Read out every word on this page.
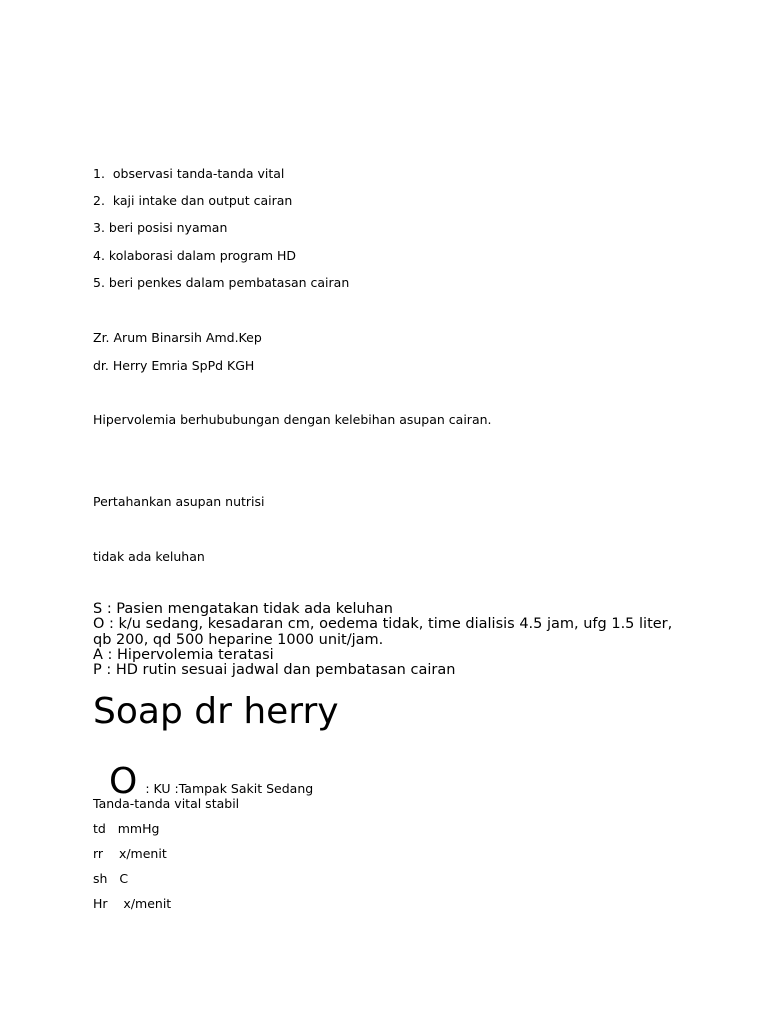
1.  observasi tanda-tanda vital
2.  kaji intake dan output cairan
3. beri posisi nyaman
4. kolaborasi dalam program HD
5. beri penkes dalam pembatasan cairan
Zr. Arum Binarsih Amd.Kep
dr. Herry Emria SpPd KGH
Hipervolemia berhububungan dengan kelebihan asupan cairan.
Pertahankan asupan nutrisi
tidak ada keluhan
S : Pasien mengatakan tidak ada keluhan
O : k/u sedang, kesadaran cm, oedema tidak, time dialisis 4.5 jam, ufg 1.5 liter,
qb 200, qd 500 heparine 1000 unit/jam.
A : Hipervolemia teratasi
P : HD rutin sesuai jadwal dan pembatasan cairan
Soap dr herry

O : KU :Tampak Sakit Sedang

Tanda-tanda vital stabil
td   mmHg
rr    x/menit
sh   C
Hr    x/menit
